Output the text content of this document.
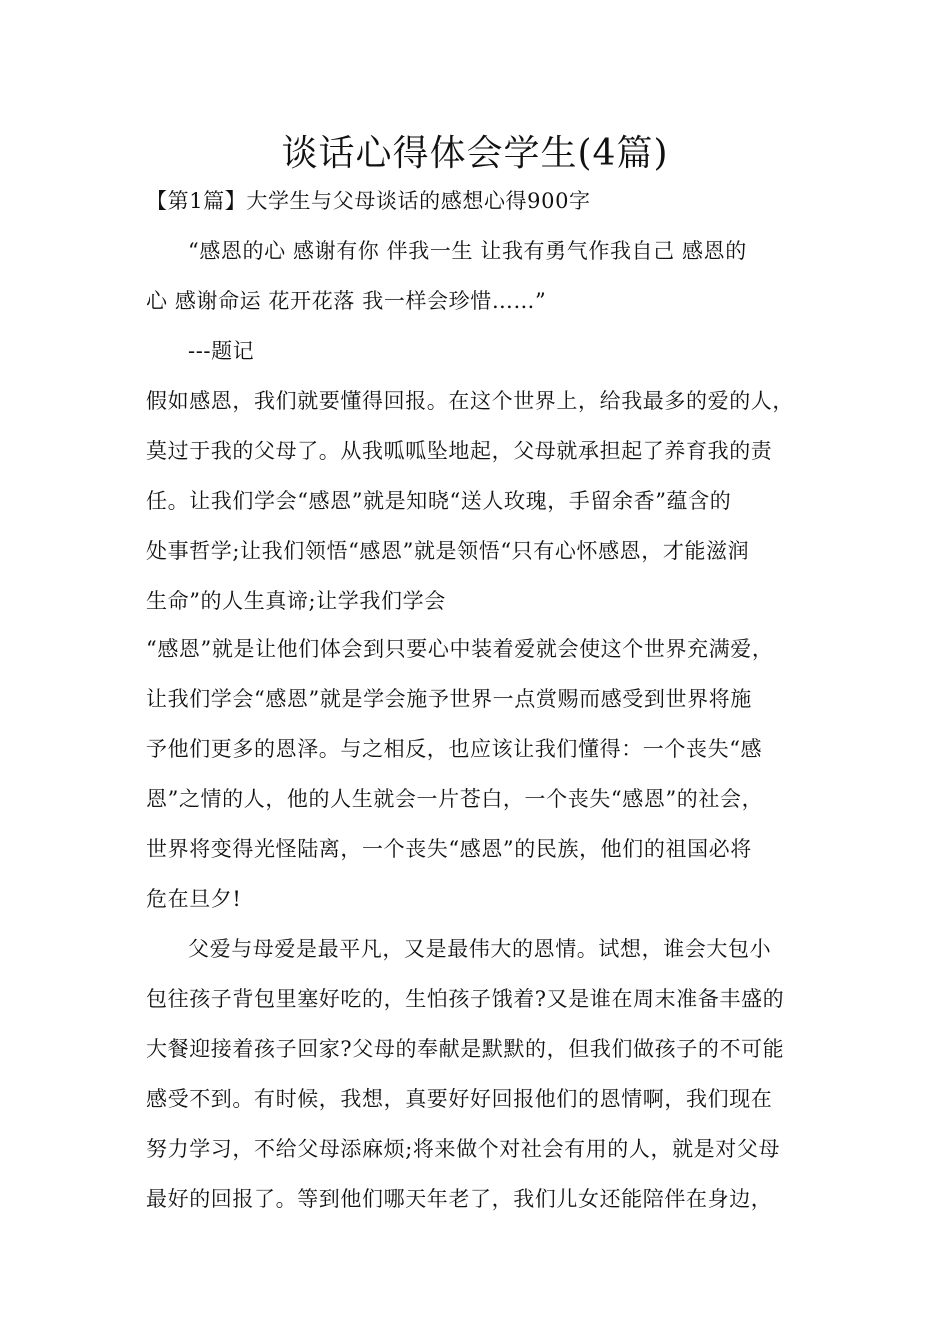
谈话心得体会学生(4篇)
【第1篇】大学生与父母谈话的感想心得900字
“感恩的心 感谢有你 伴我一生 让我有勇气作我自己 感恩的
心 感谢命运 花开花落 我一样会珍惜……”
---题记
假如感恩，我们就要懂得回报。在这个世界上，给我最多的爱的人，
莫过于我的父母了。从我呱呱坠地起，父母就承担起了养育我的责
任。让我们学会“感恩”就是知晓“送人玫瑰，手留余香”蕴含的
处事哲学;让我们领悟“感恩”就是领悟“只有心怀感恩，才能滋润
生命”的人生真谛;让学我们学会
“感恩”就是让他们体会到只要心中装着爱就会使这个世界充满爱，
让我们学会“感恩”就是学会施予世界一点赏赐而感受到世界将施
予他们更多的恩泽。与之相反，也应该让我们懂得：一个丧失“感
恩”之情的人，他的人生就会一片苍白，一个丧失“感恩”的社会，
世界将变得光怪陆离，一个丧失“感恩”的民族，他们的祖国必将
危在旦夕!
父爱与母爱是最平凡，又是最伟大的恩情。试想，谁会大包小
包往孩子背包里塞好吃的，生怕孩子饿着?又是谁在周末准备丰盛的
大餐迎接着孩子回家?父母的奉献是默默的，但我们做孩子的不可能
感受不到。有时候，我想，真要好好回报他们的恩情啊，我们现在
努力学习，不给父母添麻烦;将来做个对社会有用的人，就是对父母
最好的回报了。等到他们哪天年老了，我们儿女还能陪伴在身边，
